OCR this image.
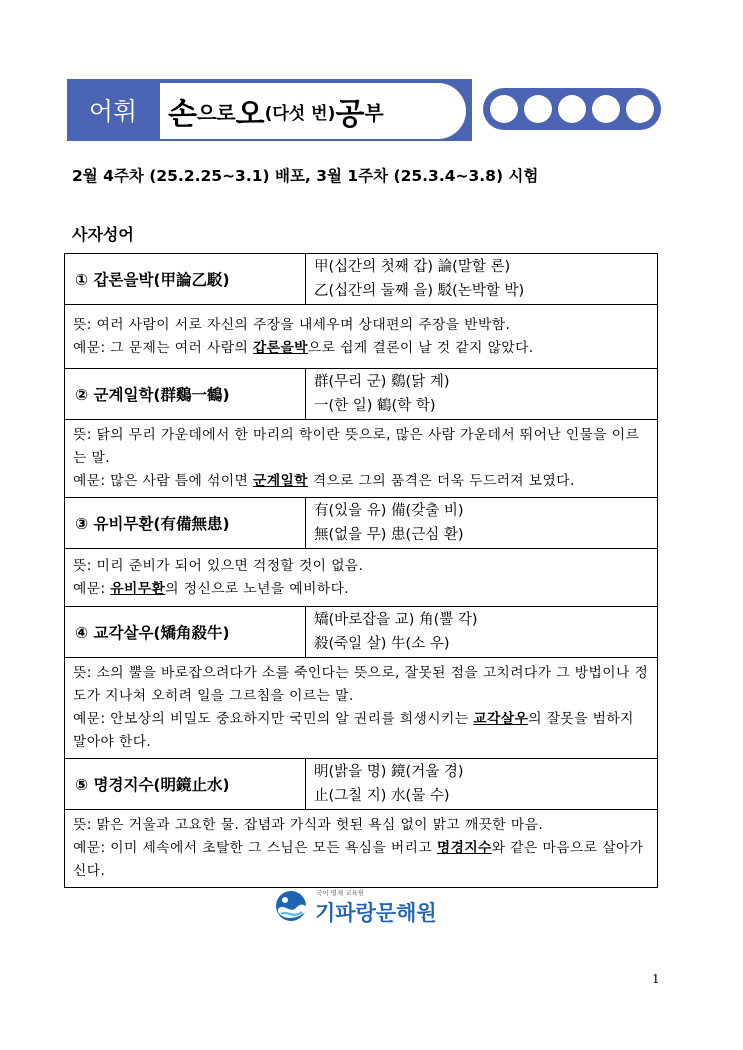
어휘	손 으로 오 (다섯 번) 공 부
2월 4주차 (25.2.25~3.1) 배포, 3월 1주차 (25.3.4~3.8) 시험
사자성어
① 갑론을박(甲論乙駁)	甲(십간의 첫째 갑) 論(말할 론)
乙(십간의 둘째 을) 駁(논박할 박)

뜻: 여러 사람이 서로 자신의 주장을 내세우며 상대편의 주장을 반박함.
예문: 그 문제는 여러 사람의 갑론을박으로 쉽게 결론이 날 것 같지 않았다.	

② 군계일학(群鷄一鶴)	群(무리 군) 鷄(닭 계)
一(한 일) 鶴(학 학)

뜻: 닭의 무리 가운데에서 한 마리의 학이란 뜻으로, 많은 사람 가운데서 뛰어난 인물을 이르는 말.
예문: 많은 사람 틈에 섞이면 군계일학 격으로 그의 품격은 더욱 두드러져 보였다.	

③ 유비무환(有備無患)	有(있을 유) 備(갖출 비)
無(없을 무) 患(근심 환)

뜻: 미리 준비가 되어 있으면 걱정할 것이 없음.
예문: 유비무환의 정신으로 노년을 예비하다.	

④ 교각살우(矯角殺牛)	矯(바로잡을 교) 角(뿔 각)
殺(죽일 살) 牛(소 우)

뜻: 소의 뿔을 바로잡으려다가 소를 죽인다는 뜻으로, 잘못된 점을 고치려다가 그 방법이나 정도가 지나쳐 오히려 일을 그르침을 이르는 말.
예문: 안보상의 비밀도 중요하지만 국민의 알 권리를 희생시키는 교각살우의 잘못을 범하지 말아야 한다.	

⑤ 명경지수(明鏡止水)	明(밝을 명) 鏡(거울 경)
止(그칠 지) 水(물 수)

뜻: 맑은 거울과 고요한 물. 잡념과 가식과 헛된 욕심 없이 맑고 깨끗한 마음.
예문: 이미 세속에서 초탈한 그 스님은 모든 욕심을 버리고 명경지수와 같은 마음으로 살아가신다.	
국어 명제 교육원
기파랑문해원
1
